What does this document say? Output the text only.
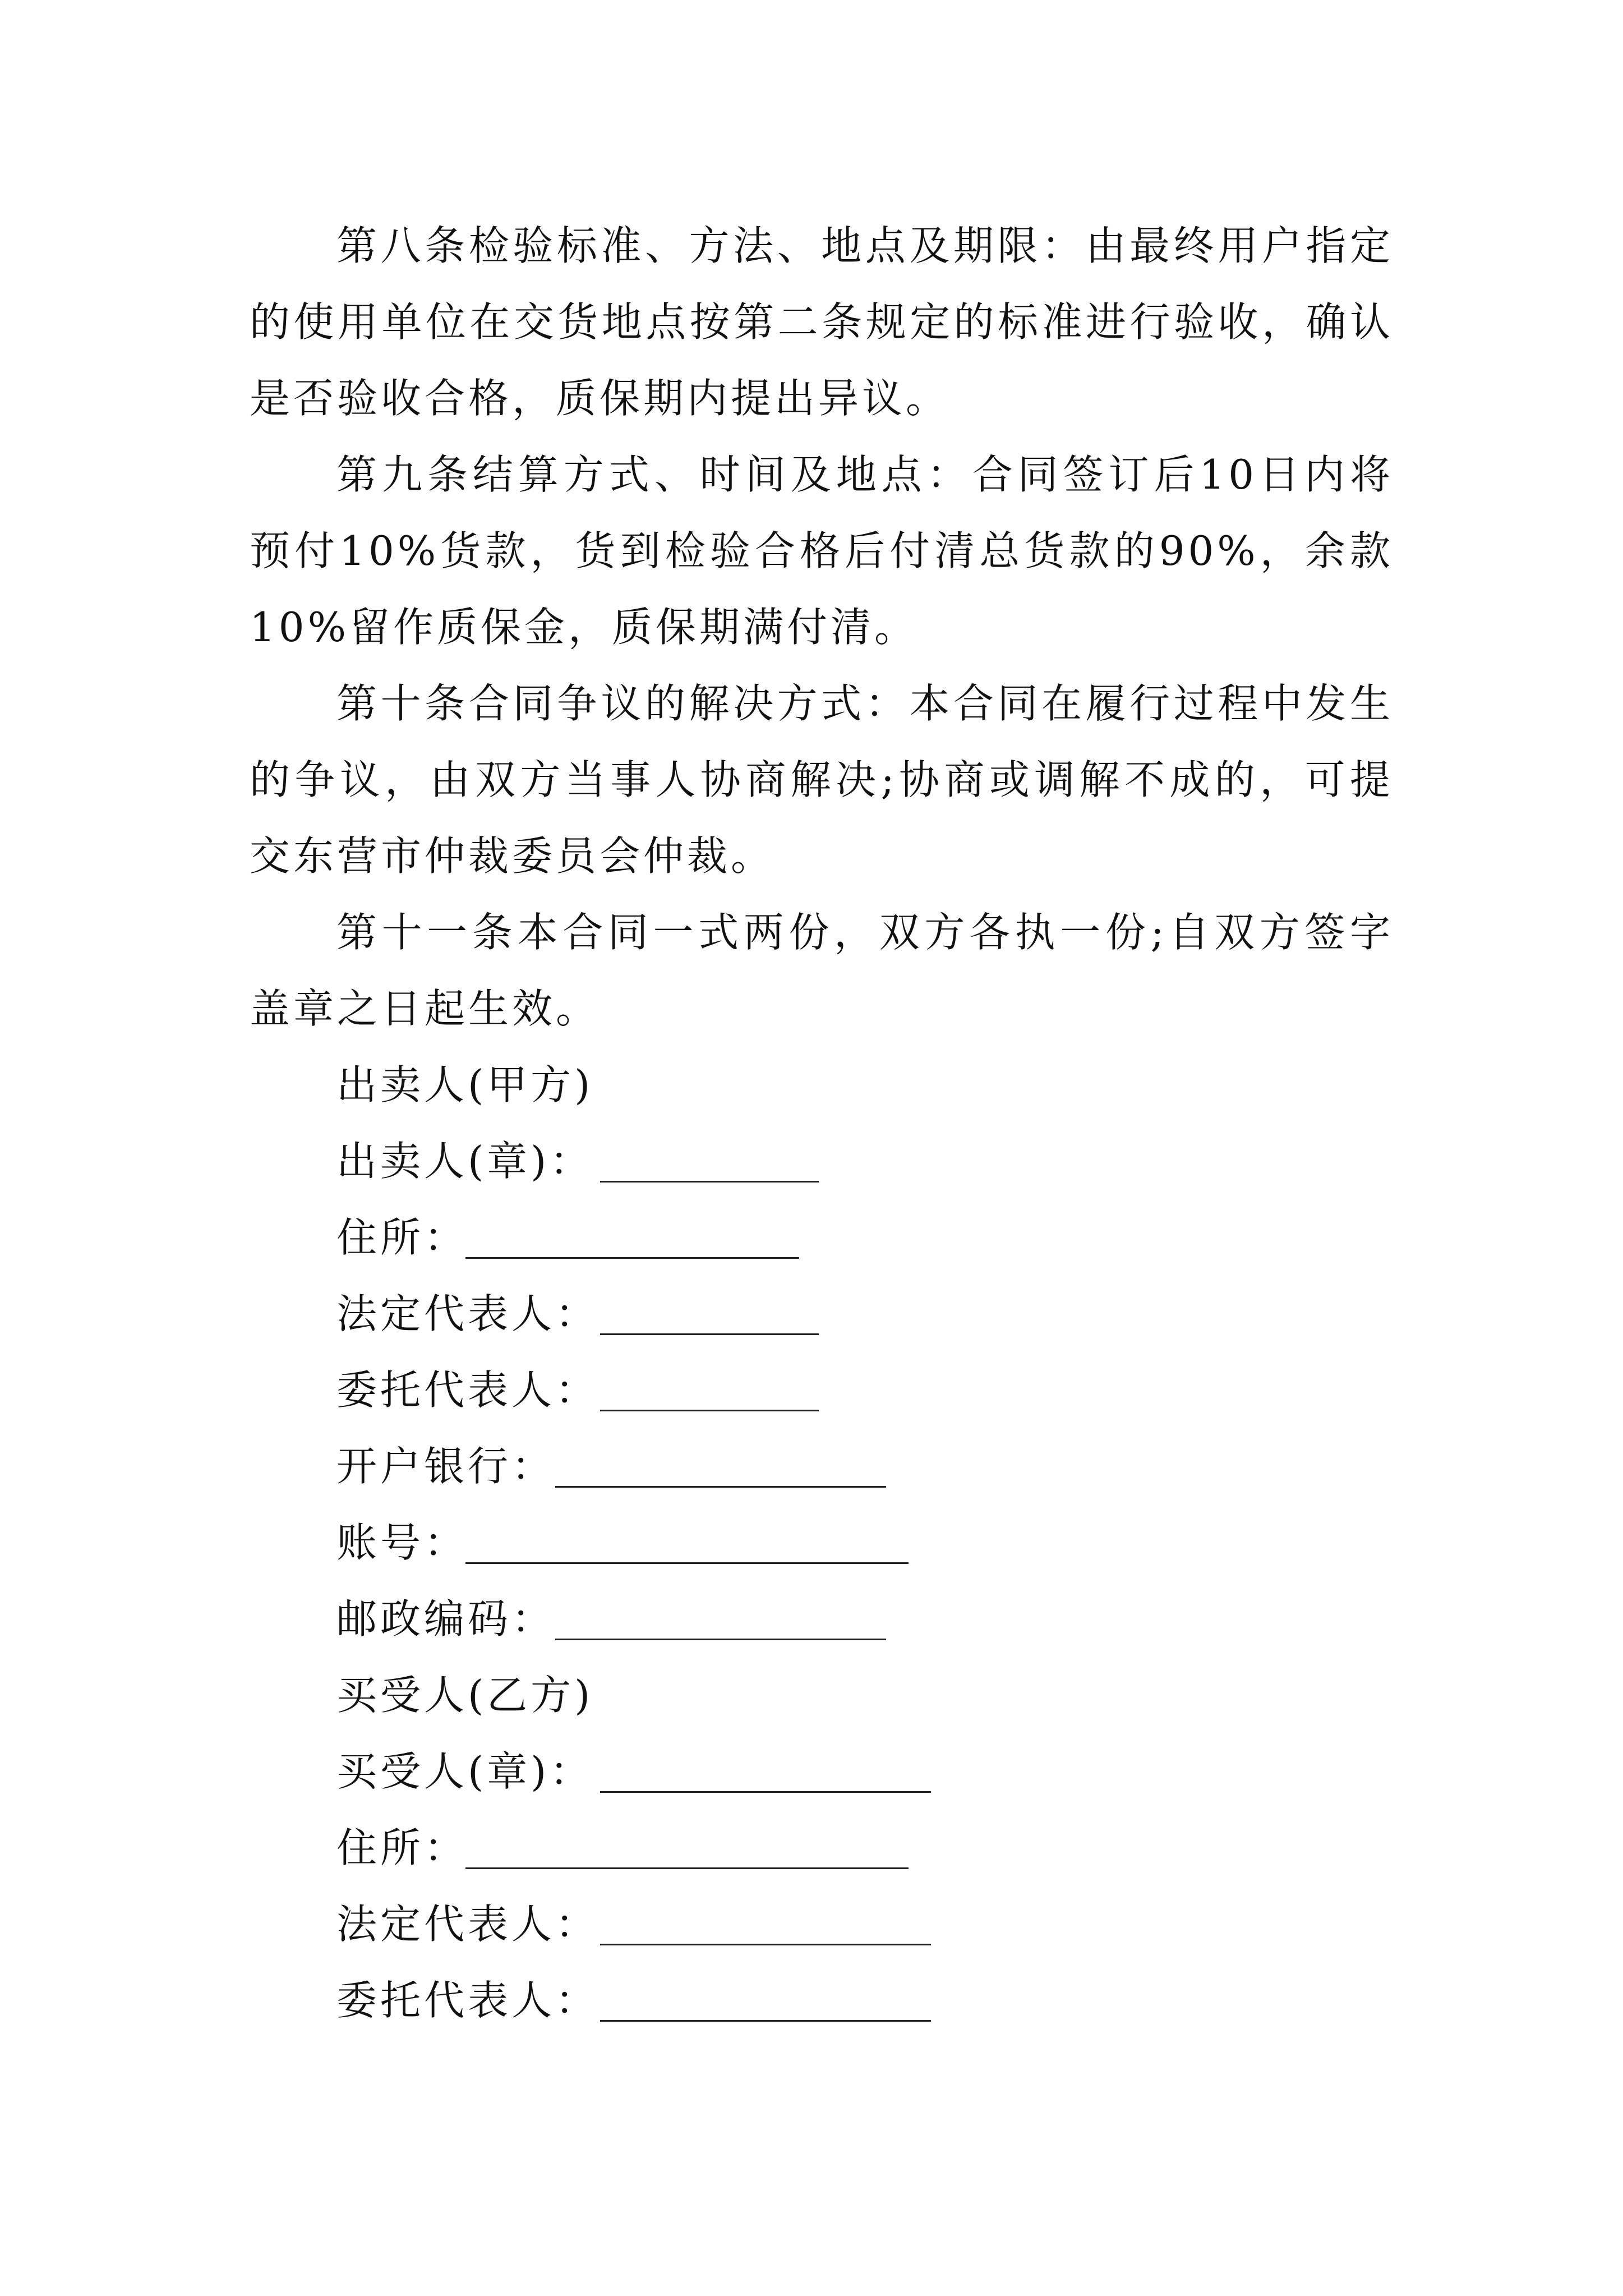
第八条检验标准、方法、地点及期限：由最终用户指定的使用单位在交货地点按第二条规定的标准进行验收，确认是否验收合格，质保期内提出异议。

第九条结算方式、时间及地点：合同签订后10日内将预付10%货款，货到检验合格后付清总货款的90%，余款10%留作质保金，质保期满付清。

第十条合同争议的解决方式：本合同在履行过程中发生的争议，由双方当事人协商解决;协商或调解不成的，可提交东营市仲裁委员会仲裁。

第十一条本合同一式两份，双方各执一份;自双方签字盖章之日起生效。

出卖人(甲方)
出卖人(章)：
住所：
法定代表人：
委托代表人：
开户银行：
账号：
邮政编码：
买受人(乙方)
买受人(章)：
住所：
法定代表人：
委托代表人：
